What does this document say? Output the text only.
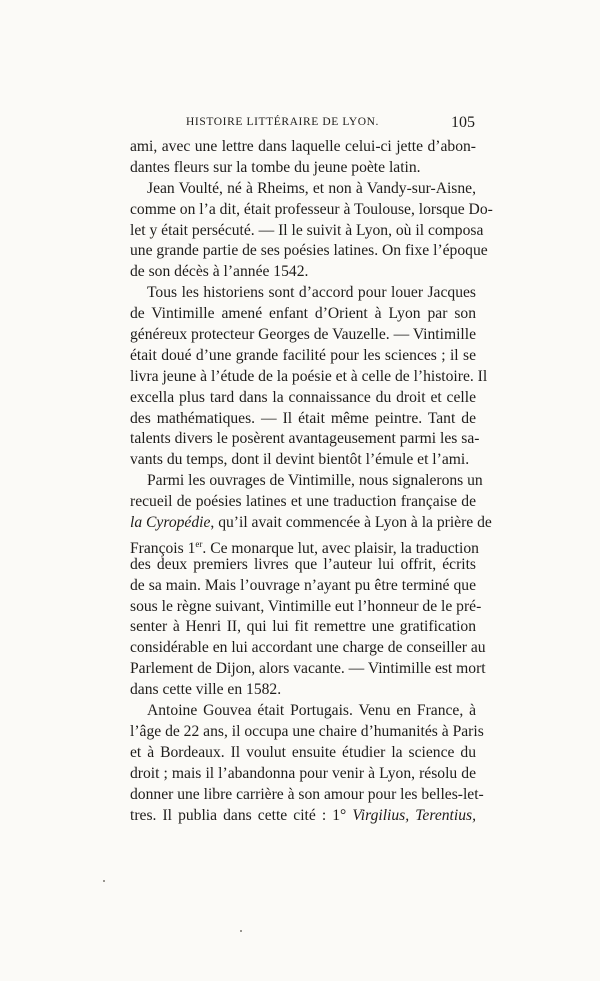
HISTOIRE LITTÉRAIRE DE LYON.	105
ami, avec une lettre dans laquelle celui-ci jette d’abon-
dantes fleurs sur la tombe du jeune poète latin.
Jean Voulté, né à Rheims, et non à Vandy-sur-Aisne,
comme on l’a dit, était professeur à Toulouse, lorsque Do-
let y était persécuté. — Il le suivit à Lyon, où il composa
une grande partie de ses poésies latines. On fixe l’époque
de son décès à l’année 1542.
Tous les historiens sont d’accord pour louer Jacques
de Vintimille amené enfant d’Orient à Lyon par son
généreux protecteur Georges de Vauzelle. — Vintimille
était doué d’une grande facilité pour les sciences ; il se
livra jeune à l’étude de la poésie et à celle de l’histoire. Il
excella plus tard dans la connaissance du droit et celle
des mathématiques. — Il était même peintre. Tant de
talents divers le posèrent avantageusement parmi les sa-
vants du temps, dont il devint bientôt l’émule et l’ami.
Parmi les ouvrages de Vintimille, nous signalerons un
recueil de poésies latines et une traduction française de
la Cyropédie, qu’il avait commencée à Lyon à la prière de
François 1er. Ce monarque lut, avec plaisir, la traduction
des deux premiers livres que l’auteur lui offrit, écrits
de sa main. Mais l’ouvrage n’ayant pu être terminé que
sous le règne suivant, Vintimille eut l’honneur de le pré-
senter à Henri II, qui lui fit remettre une gratification
considérable en lui accordant une charge de conseiller au
Parlement de Dijon, alors vacante. — Vintimille est mort
dans cette ville en 1582.
Antoine Gouvea était Portugais. Venu en France, à
l’âge de 22 ans, il occupa une chaire d’humanités à Paris
et à Bordeaux. Il voulut ensuite étudier la science du
droit ; mais il l’abandonna pour venir à Lyon, résolu de
donner une libre carrière à son amour pour les belles-let-
tres. Il publia dans cette cité : 1° Virgilius, Terentius,
